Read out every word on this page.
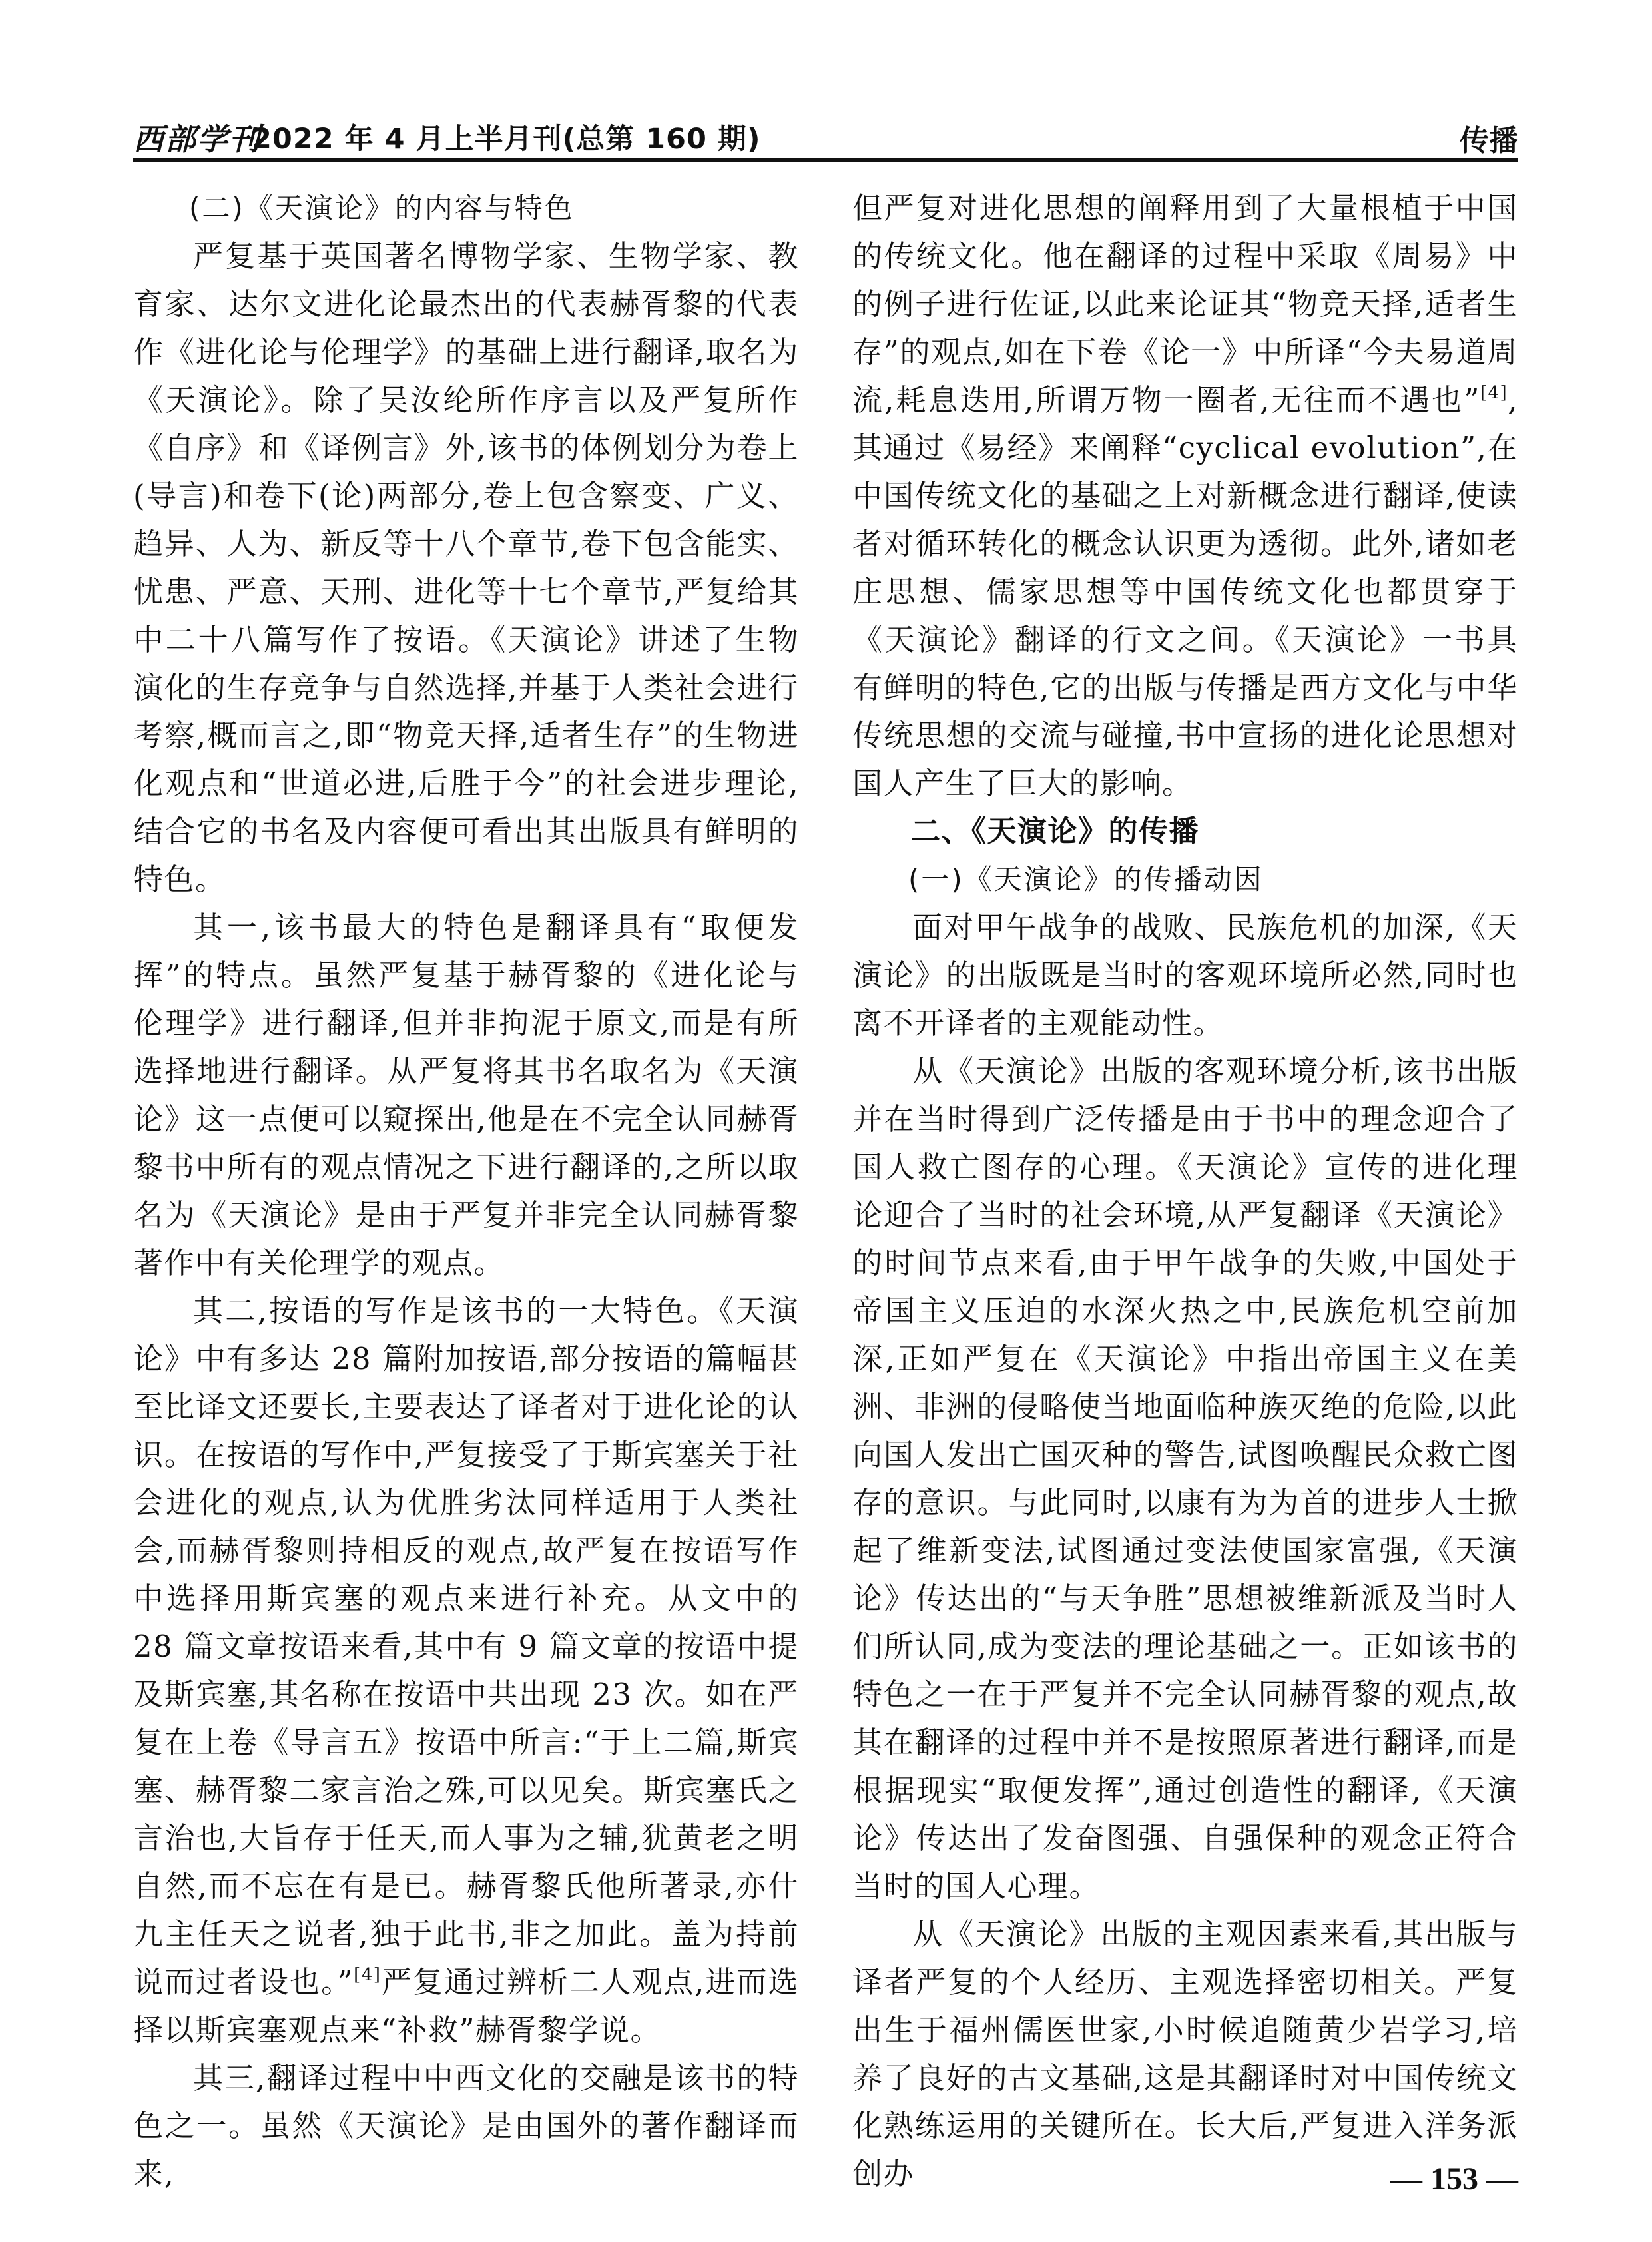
西部学刊
2022 年 4 月上半月刊(总第 160 期)	传播
(二)《天演论》的内容与特色

严复基于英国著名博物学家、生物学家、教育家、达尔文进化论最杰出的代表赫胥黎的代表作《进化论与伦理学》的基础上进行翻译,取名为《天演论》。除了吴汝纶所作序言以及严复所作《自序》和《译例言》外,该书的体例划分为卷上(导言)和卷下(论)两部分,卷上包含察变、广义、趋异、人为、新反等十八个章节,卷下包含能实、忧患、严意、天刑、进化等十七个章节,严复给其中二十八篇写作了按语。《天演论》讲述了生物演化的生存竞争与自然选择,并基于人类社会进行考察,概而言之,即“物竞天择,适者生存”的生物进化观点和“世道必进,后胜于今”的社会进步理论,结合它的书名及内容便可看出其出版具有鲜明的特色。

其一,该书最大的特色是翻译具有“取便发挥”的特点。虽然严复基于赫胥黎的《进化论与伦理学》进行翻译,但并非拘泥于原文,而是有所选择地进行翻译。从严复将其书名取名为《天演论》这一点便可以窥探出,他是在不完全认同赫胥黎书中所有的观点情况之下进行翻译的,之所以取名为《天演论》是由于严复并非完全认同赫胥黎著作中有关伦理学的观点。

其二,按语的写作是该书的一大特色。《天演论》中有多达 28 篇附加按语,部分按语的篇幅甚至比译文还要长,主要表达了译者对于进化论的认识。在按语的写作中,严复接受了于斯宾塞关于社会进化的观点,认为优胜劣汰同样适用于人类社会,而赫胥黎则持相反的观点,故严复在按语写作中选择用斯宾塞的观点来进行补充。从文中的 28 篇文章按语来看,其中有 9 篇文章的按语中提及斯宾塞,其名称在按语中共出现 23 次。如在严复在上卷《导言五》按语中所言:“于上二篇,斯宾塞、赫胥黎二家言治之殊,可以见矣。斯宾塞氏之言治也,大旨存于任天,而人事为之辅,犹黄老之明自然,而不忘在有是已。赫胥黎氏他所著录,亦什九主任天之说者,独于此书,非之加此。盖为持前说而过者设也。”[4]严复通过辨析二人观点,进而选择以斯宾塞观点来“补救”赫胥黎学说。

其三,翻译过程中中西文化的交融是该书的特色之一。虽然《天演论》是由国外的著作翻译而来,

但严复对进化思想的阐释用到了大量根植于中国的传统文化。他在翻译的过程中采取《周易》中的例子进行佐证,以此来论证其“物竞天择,适者生存”的观点,如在下卷《论一》中所译“今夫易道周流,耗息迭用,所谓万物一圈者,无往而不遇也”[4],其通过《易经》来阐释“cyclical evolution”,在中国传统文化的基础之上对新概念进行翻译,使读者对循环转化的概念认识更为透彻。此外,诸如老庄思想、儒家思想等中国传统文化也都贯穿于《天演论》翻译的行文之间。《天演论》一书具有鲜明的特色,它的出版与传播是西方文化与中华传统思想的交流与碰撞,书中宣扬的进化论思想对国人产生了巨大的影响。

二、《天演论》的传播
(一)《天演论》的传播动因

面对甲午战争的战败、民族危机的加深,《天演论》的出版既是当时的客观环境所必然,同时也离不开译者的主观能动性。

从《天演论》出版的客观环境分析,该书出版并在当时得到广泛传播是由于书中的理念迎合了国人救亡图存的心理。《天演论》宣传的进化理论迎合了当时的社会环境,从严复翻译《天演论》的时间节点来看,由于甲午战争的失败,中国处于帝国主义压迫的水深火热之中,民族危机空前加深,正如严复在《天演论》中指出帝国主义在美洲、非洲的侵略使当地面临种族灭绝的危险,以此向国人发出亡国灭种的警告,试图唤醒民众救亡图存的意识。与此同时,以康有为为首的进步人士掀起了维新变法,试图通过变法使国家富强,《天演论》传达出的“与天争胜”思想被维新派及当时人们所认同,成为变法的理论基础之一。正如该书的特色之一在于严复并不完全认同赫胥黎的观点,故其在翻译的过程中并不是按照原著进行翻译,而是根据现实“取便发挥”,通过创造性的翻译,《天演论》传达出了发奋图强、自强保种的观念正符合当时的国人心理。

从《天演论》出版的主观因素来看,其出版与译者严复的个人经历、主观选择密切相关。严复出生于福州儒医世家,小时候追随黄少岩学习,培养了良好的古文基础,这是其翻译时对中国传统文化熟练运用的关键所在。长大后,严复进入洋务派创办	— 153 —
